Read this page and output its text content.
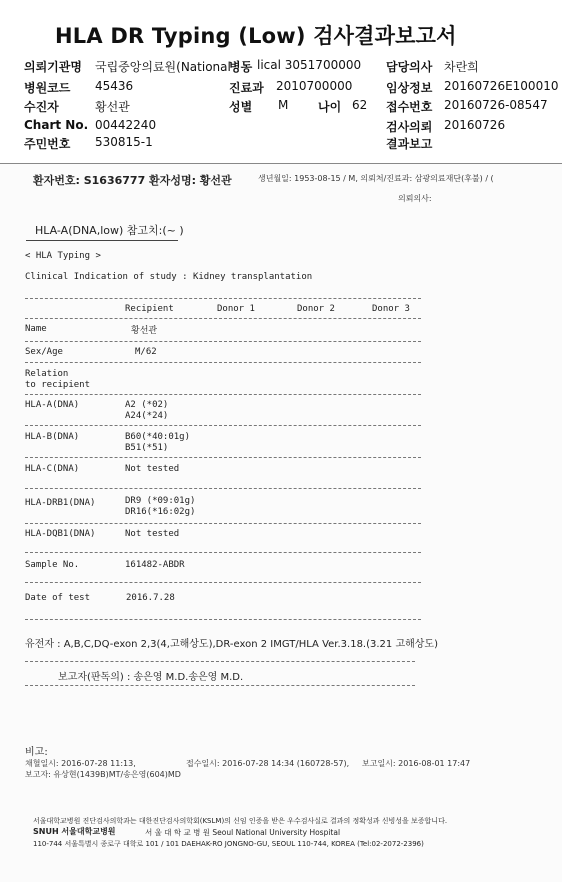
HLA DR Typing (Low) 검사결과보고서
의뢰기관명 국립중앙의료원(National
병동 lical 3051700000 담당의사 차란희
병원코드 45436	진료과 2010700000	임상정보 20160726E100010
수진자	황선관	성별 M 나이 62 접수번호 20160726-08547
Chart No. 00442240	검사의뢰 20160726
주민번호 530815-1	결과보고
환자번호: S1636777 환자성명: 황선관	생년월일: 1953-08-15 / M, 의뢰처/진료과: 삼광의료재단(후불) / (
의뢰의사:
HLA-A(DNA,low) 참고치:(~ )
< HLA Typing >
Clinical Indication of study : Kidney transplantation
Recipient	Donor 1	Donor 2	Donor 3
Name	황선관
Sex/Age	M/62
Relation
to recipient
HLA-A(DNA)	A2 (*02)
A24(*24)
HLA-B(DNA)	B60(*40:01g)
B51(*51)
HLA-C(DNA)	Not tested
HLA-DRB1(DNA)	DR9 (*09:01g)
DR16(*16:02g)
HLA-DQB1(DNA)	Not tested
Sample No.	161482-ABDR
Date of test	2016.7.28
유전자 : A,B,C,DQ-exon 2,3(4,고해상도),DR-exon 2 IMGT/HLA Ver.3.18.(3.21 고해상도)
보고자(판독의) : 송은영 M.D.송은영 M.D.
비고:
채혈일시: 2016-07-28 11:13,	접수일시: 2016-07-28 14:34 (160728-57), 보고일시: 2016-08-01 17:47
보고자: 유상현(1439B)MT/송은영(604)MD
서울대학교병원 진단검사의학과는 대한진단검사의학회(KSLM)의 신임 인증을 받은 우수검사실로 결과의 정확성과 신빙성을 보증합니다.
SNUH 서울대학교병원	서 울 대 학 교 병 원 Seoul National University Hospital
110-744 서울특별시 종로구 대학로 101 / 101 DAEHAK-RO JONGNO-GU, SEOUL 110-744, KOREA (Tel:02-2072-2396)
